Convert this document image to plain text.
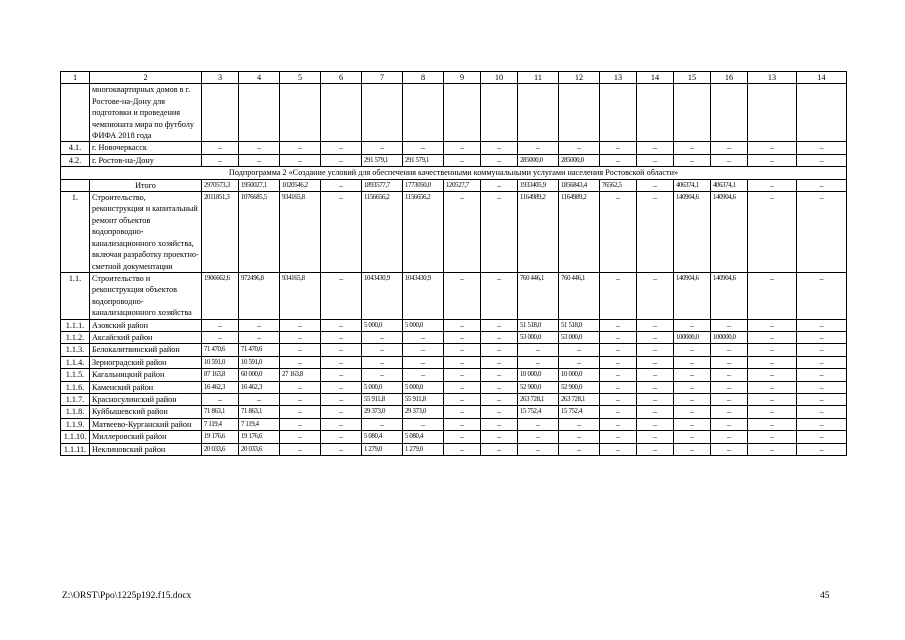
1	2	3	4	5	6	7	8	9	10	11	12	13	14	15	16	13	14
	многоквартирных домов в г. Ростове-на-Дону для подготовки и проведения чемпионата мира по футболу ФИФА 2018 года																
4.1.	г. Новочеркасск	–	–	–	–	–	–	–	–	–	–	–	–	–	–	–	–
4.2.	г. Ростов-на-Дону	–	–	–	–	291 579,1	291 579,1	–	–	285000,0	285000,0	–	–	–	–	–	–
Подпрограмма 2 «Создание условий для обеспечения качественными коммунальными услугами населения Ростовской области»																	
	Итого	2970573,3	1950027,1	1020546,2	–	1893577,7	1773050,0	120527,7	–	1933405,9	1856843,4	76562,5	–	406374,1	406374,1	–	–
1.	Строительство, реконструкция и капитальный ремонт объектов водопроводно-канализационного хозяйства, включая разработку проектно-сметной документации	2011851,3	1076685,5	934165,8	–	1156656,2	1156656,2	–	–	1164989,2	1164989,2	–	–	140904,6	140904,6	–	–
1.1.	Строительство и реконструкция объектов водопроводно-канализационного хозяйства	1906662,6	972496,8	934165,8	–	1043430,9	1043430,9	–	–	760 446,1	760 446,1	–	–	140904,6	140904,6	–	–
1.1.1.	Азовский район	–	–	–	–	5 000,0	5 000,0	–	–	51 518,0	51 518,0	–	–	–	–	–	–
1.1.2.	Аксайский район	–	–	–	–	–	–	–	–	53 000,0	53 000,0	–	–	100000,0	100000,0	–	–
1.1.3.	Белокалитвинский район	71 470,6	71 470,6	–	–	–	–	–	–	–	–	–	–	–	–	–	–
1.1.4.	Зерноградский район	10 591,0	10 591,0	–	–	–	–	–	–	–	–	–	–	–	–	–	–
1.1.5.	Кагальницкий район	87 163,8	60 000,0	27 163,8	–	–	–	–	–	10 000,0	10 000,0	–	–	–	–	–	–
1.1.6.	Каменский район	16 462,3	16 462,3	–	–	5 000,0	5 000,0	–	–	52 900,0	52 900,0	–	–	–	–	–	–
1.1.7.	Красносулинский район	–	–	–	–	55 911,8	55 911,8	–	–	263 728,1	263 728,1	–	–	–	–	–	–
1.1.8.	Куйбышевский район	71 863,1	71 863,1	–	–	29 373,0	29 373,0	–	–	15 752,4	15 752,4	–	–	–	–	–	–
1.1.9.	Матвеево-Курганский район	7 119,4	7 119,4	–	–	–	–	–	–	–	–	–	–	–	–	–	–
1.1.10.	Миллеровский район	19 176,6	19 176,6	–	–	5 080,4	5 080,4	–	–	–	–	–	–	–	–	–	–
1.1.11.	Неклиновский район	20 033,6	20 033,6	–	–	1 279,0	1 279,0	–	–	–	–	–	–	–	–	–	–
Z:\ORST\Ppo\1225p192.f15.docx	45
